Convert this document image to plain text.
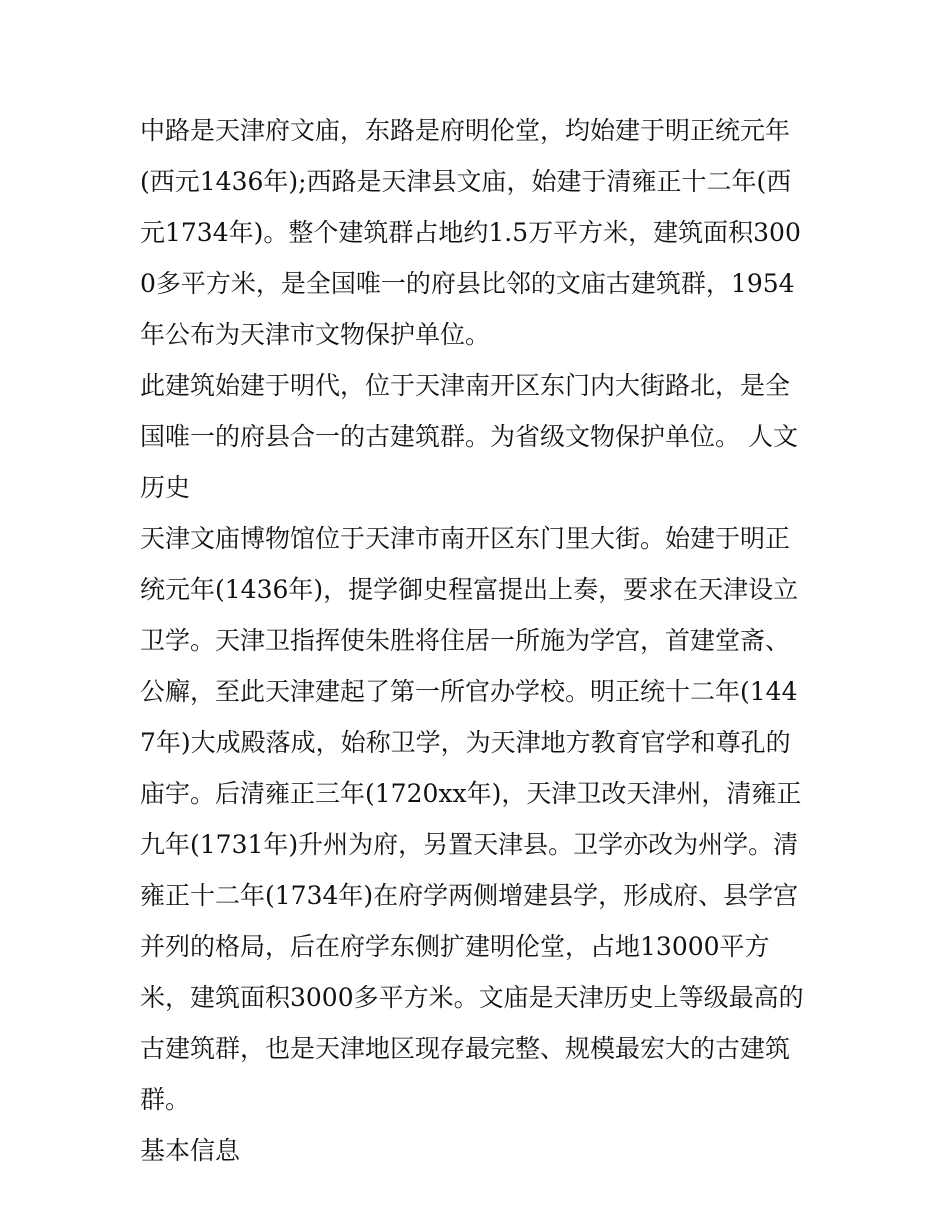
中路是天津府文庙，东路是府明伦堂，均始建于明正统元年(西元1436年);西路是天津县文庙，始建于清雍正十二年(西元1734年)。整个建筑群占地约1.5万平方米，建筑面积3000多平方米，是全国唯一的府县比邻的文庙古建筑群，1954年公布为天津市文物保护单位。

此建筑始建于明代，位于天津南开区东门内大街路北，是全国唯一的府县合一的古建筑群。为省级文物保护单位。 人文历史

天津文庙博物馆位于天津市南开区东门里大街。始建于明正统元年(1436年)，提学御史程富提出上奏，要求在天津设立卫学。天津卫指挥使朱胜将住居一所施为学宫，首建堂斋、公廨，至此天津建起了第一所官办学校。明正统十二年(1447年)大成殿落成，始称卫学，为天津地方教育官学和尊孔的庙宇。后清雍正三年(1720xx年)，天津卫改天津州，清雍正九年(1731年)升州为府，另置天津县。卫学亦改为州学。清雍正十二年(1734年)在府学两侧增建县学，形成府、县学宫并列的格局，后在府学东侧扩建明伦堂，占地13000平方米，建筑面积3000多平方米。文庙是天津历史上等级最高的古建筑群，也是天津地区现存最完整、规模最宏大的古建筑群。

基本信息
